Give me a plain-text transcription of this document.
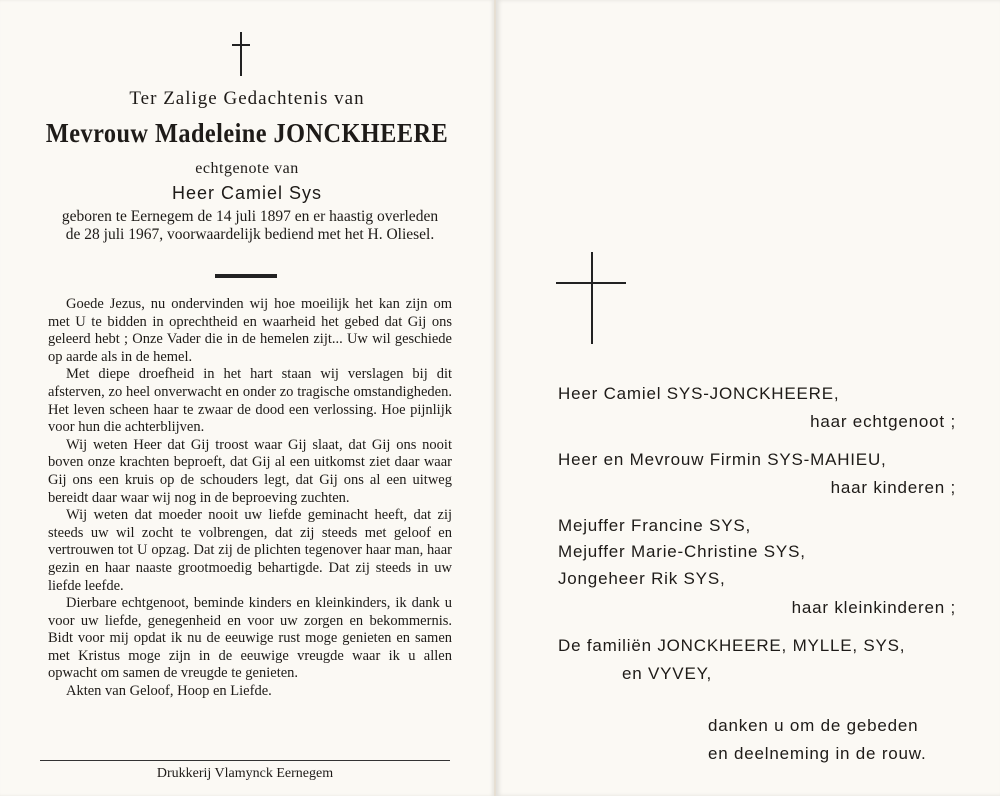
Ter Zalige Gedachtenis van
Mevrouw Madeleine JONCKHEERE
echtgenote van
Heer Camiel Sys
geboren te Eernegem de 14 juli 1897 en er haastig overleden de 28 juli 1967, voorwaardelijk bediend met het H. Oliesel.

Goede Jezus, nu ondervinden wij hoe moeilijk het kan zijn om met U te bidden in oprechtheid en waarheid het gebed dat Gij ons geleerd hebt ; Onze Vader die in de hemelen zijt... Uw wil geschiede op aarde als in de hemel.

Met diepe droefheid in het hart staan wij verslagen bij dit afsterven, zo heel onverwacht en onder zo tragische omstandigheden. Het leven scheen haar te zwaar de dood een verlossing. Hoe pijnlijk voor hun die achterblijven.

Wij weten Heer dat Gij troost waar Gij slaat, dat Gij ons nooit boven onze krachten beproeft, dat Gij al een uitkomst ziet daar waar Gij ons een kruis op de schouders legt, dat Gij ons al een uitweg bereidt daar waar wij nog in de beproeving zuchten.

Wij weten dat moeder nooit uw liefde geminacht heeft, dat zij steeds uw wil zocht te volbrengen, dat zij steeds met geloof en vertrouwen tot U opzag. Dat zij de plichten tegenover haar man, haar gezin en haar naaste grootmoedig behartigde. Dat zij steeds in uw liefde leefde.

Dierbare echtgenoot, beminde kinders en kleinkinders, ik dank u voor uw liefde, genegenheid en voor uw zorgen en bekommernis. Bidt voor mij opdat ik nu de eeuwige rust moge genieten en samen met Kristus moge zijn in de eeuwige vreugde waar ik u allen opwacht om samen de vreugde te genieten.

Akten van Geloof, Hoop en Liefde.

Drukkerij Vlamynck Eernegem
Heer Camiel SYS-JONCKHEERE,
haar echtgenoot ;
Heer en Mevrouw Firmin SYS-MAHIEU,
haar kinderen ;
Mejuffer Francine SYS,
Mejuffer Marie-Christine SYS,
Jongeheer Rik SYS,
haar kleinkinderen ;
De familiën JONCKHEERE, MYLLE, SYS,
en VYVEY,
danken u om de gebeden
en deelneming in de rouw.
